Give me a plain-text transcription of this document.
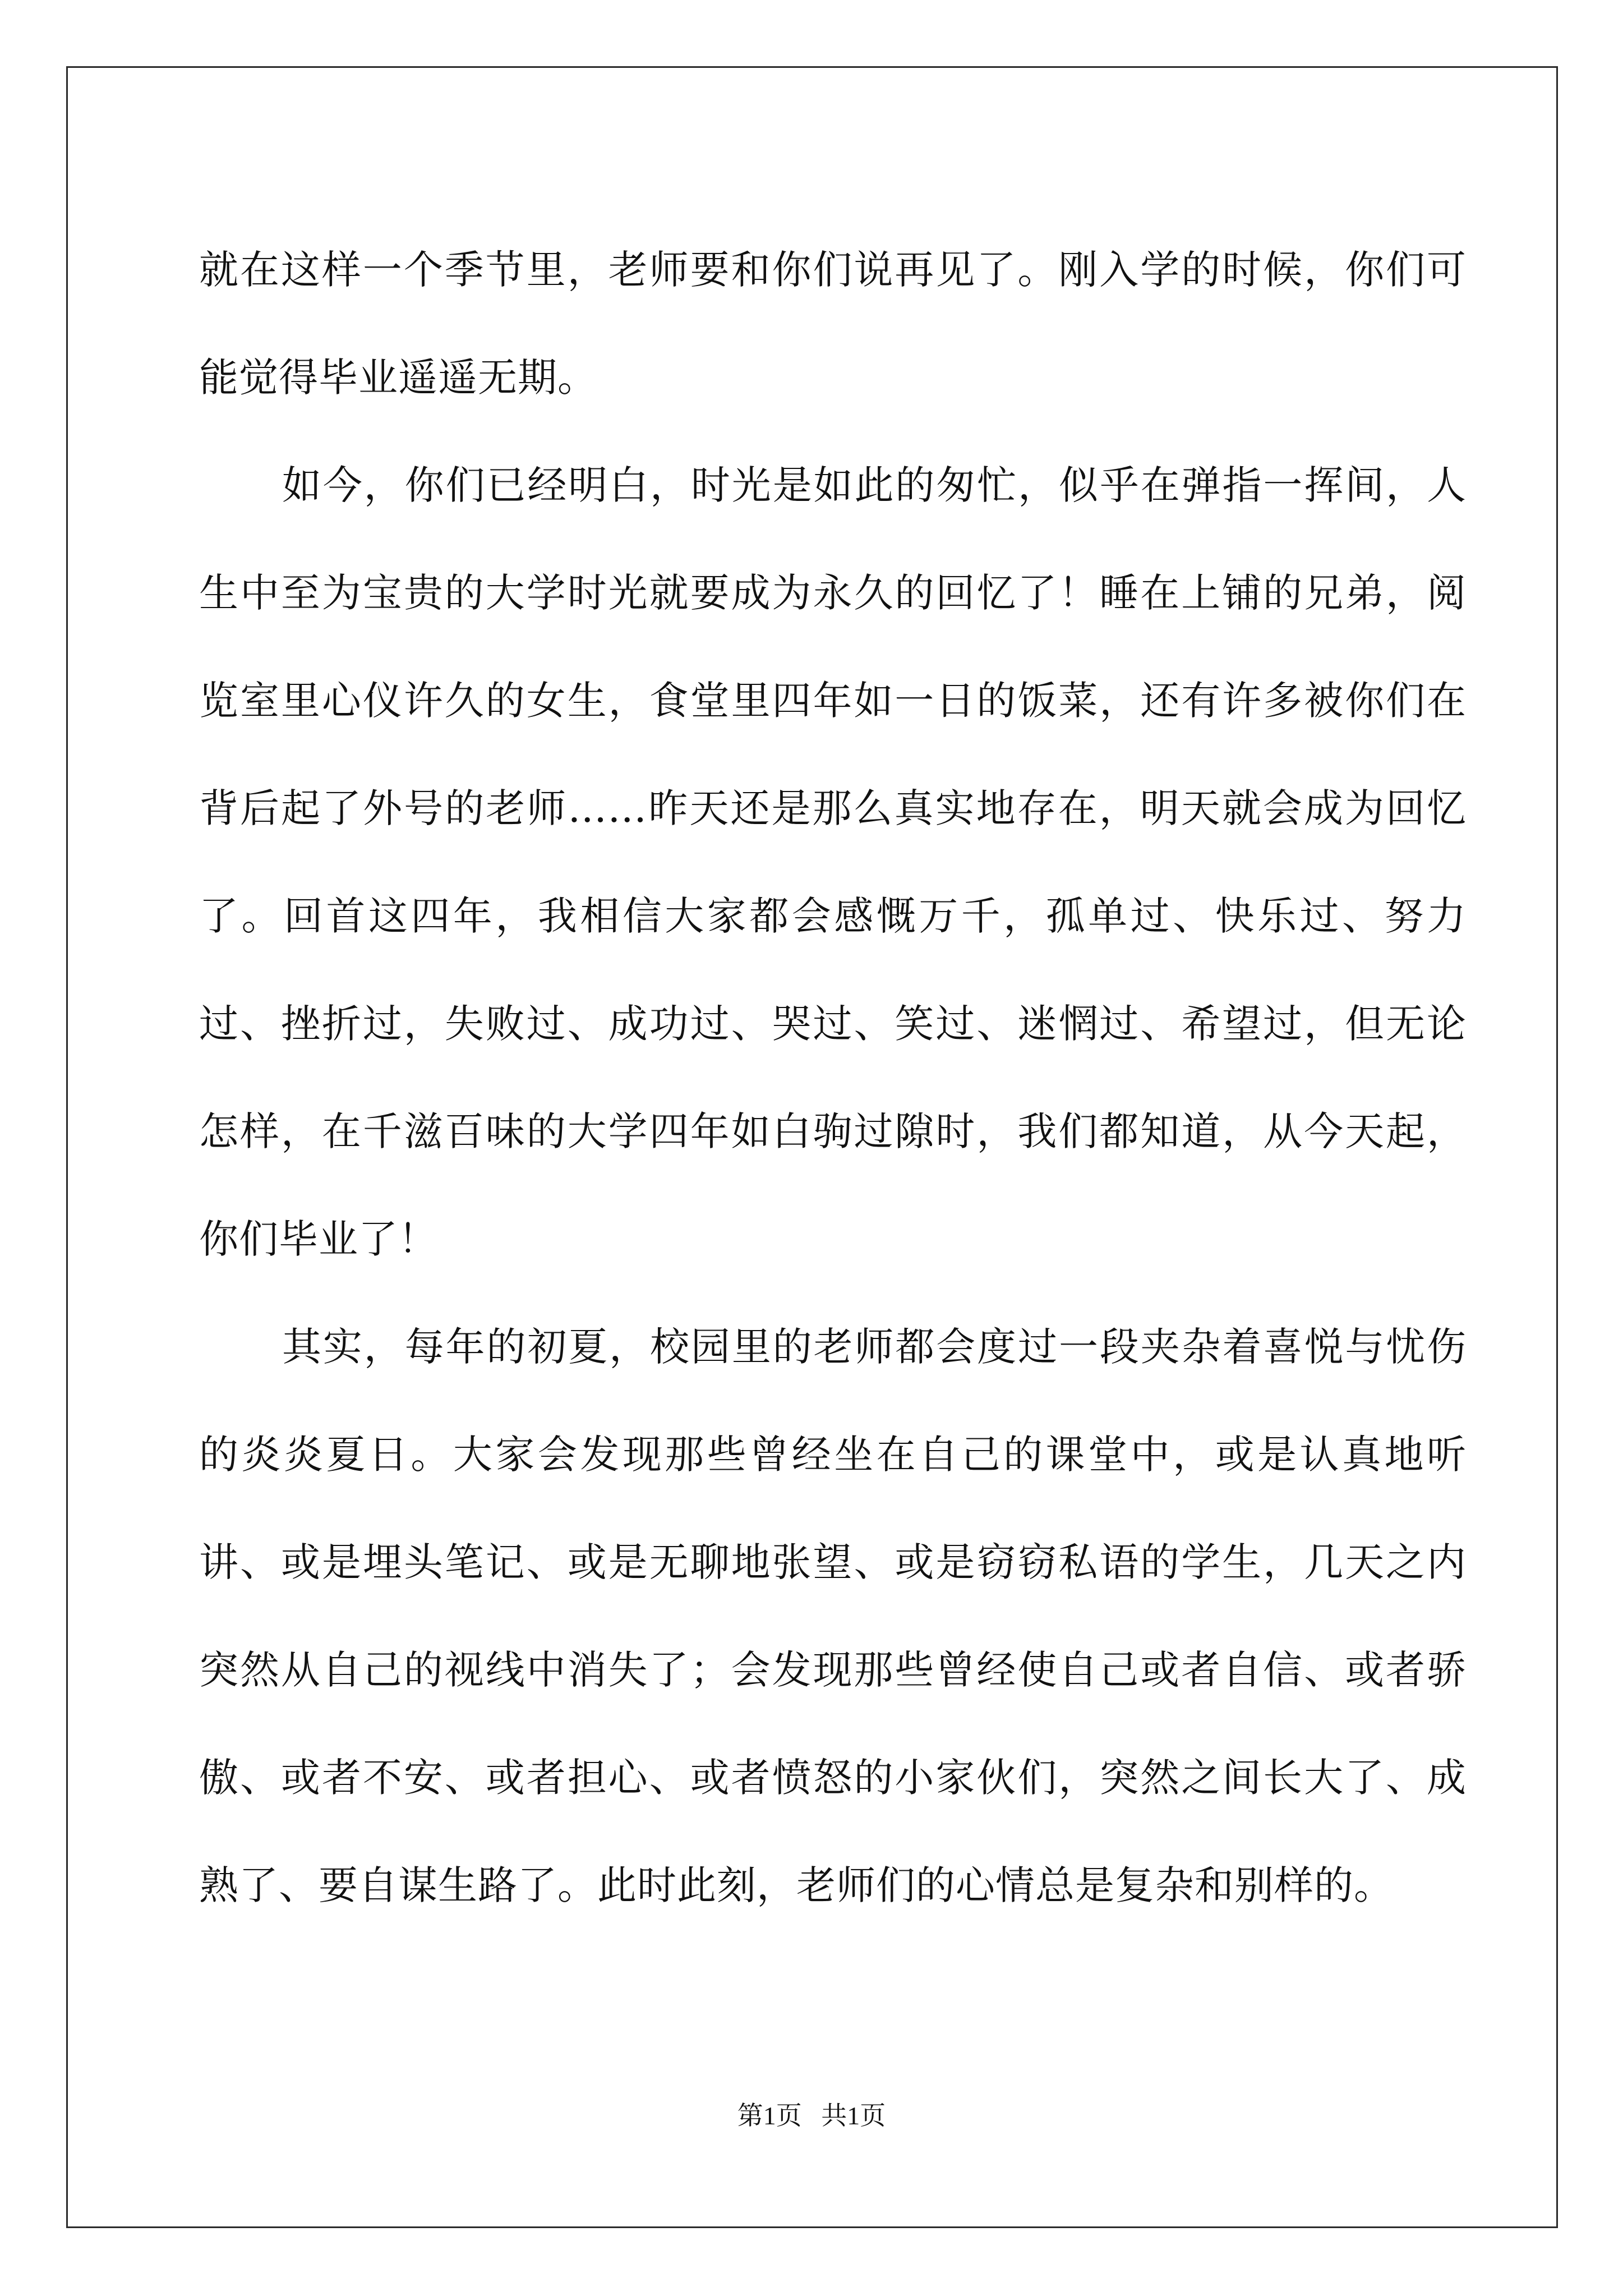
就在这样一个季节里，老师要和你们说再见了。刚入学的时候，你们可能觉得毕业遥遥无期。

如今，你们已经明白，时光是如此的匆忙，似乎在弹指一挥间，人生中至为宝贵的大学时光就要成为永久的回忆了！睡在上铺的兄弟，阅览室里心仪许久的女生，食堂里四年如一日的饭菜，还有许多被你们在背后起了外号的老师……昨天还是那么真实地存在，明天就会成为回忆了。回首这四年，我相信大家都会感慨万千，孤单过、快乐过、努力过、挫折过，失败过、成功过、哭过、笑过、迷惘过、希望过，但无论怎样，在千滋百味的大学四年如白驹过隙时，我们都知道，从今天起，你们毕业了！

其实，每年的初夏，校园里的老师都会度过一段夹杂着喜悦与忧伤的炎炎夏日。大家会发现那些曾经坐在自己的课堂中，或是认真地听讲、或是埋头笔记、或是无聊地张望、或是窃窃私语的学生，几天之内突然从自己的视线中消失了；会发现那些曾经使自己或者自信、或者骄傲、或者不安、或者担心、或者愤怒的小家伙们，突然之间长大了、成熟了、要自谋生路了。此时此刻，老师们的心情总是复杂和别样的。

第1页   共1页
